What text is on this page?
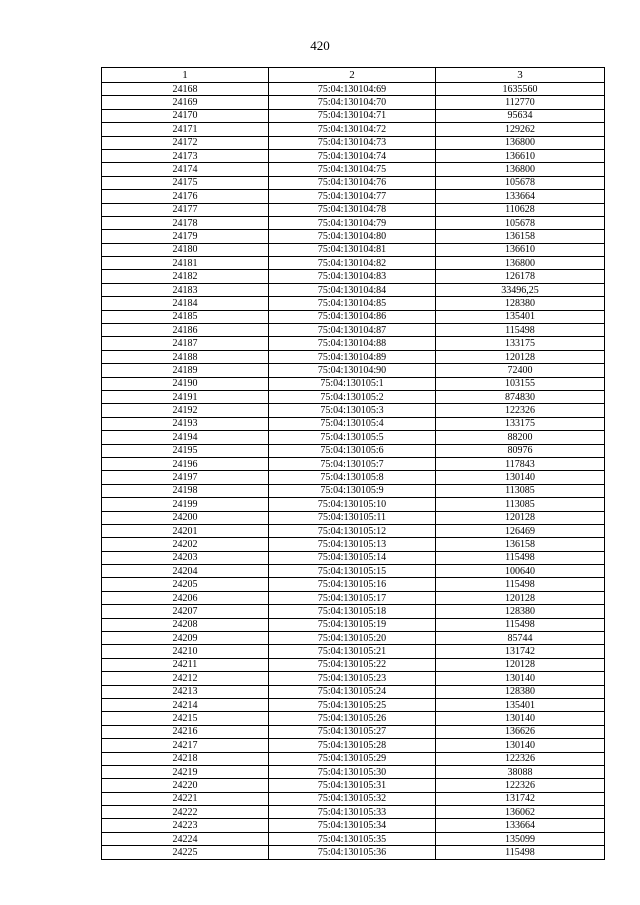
420
1	2	3
24168	75:04:130104:69	1635560
24169	75:04:130104:70	112770
24170	75:04:130104:71	95634
24171	75:04:130104:72	129262
24172	75:04:130104:73	136800
24173	75:04:130104:74	136610
24174	75:04:130104:75	136800
24175	75:04:130104:76	105678
24176	75:04:130104:77	133664
24177	75:04:130104:78	110628
24178	75:04:130104:79	105678
24179	75:04:130104:80	136158
24180	75:04:130104:81	136610
24181	75:04:130104:82	136800
24182	75:04:130104:83	126178
24183	75:04:130104:84	33496,25
24184	75:04:130104:85	128380
24185	75:04:130104:86	135401
24186	75:04:130104:87	115498
24187	75:04:130104:88	133175
24188	75:04:130104:89	120128
24189	75:04:130104:90	72400
24190	75:04:130105:1	103155
24191	75:04:130105:2	874830
24192	75:04:130105:3	122326
24193	75:04:130105:4	133175
24194	75:04:130105:5	88200
24195	75:04:130105:6	80976
24196	75:04:130105:7	117843
24197	75:04:130105:8	130140
24198	75:04:130105:9	113085
24199	75:04:130105:10	113085
24200	75:04:130105:11	120128
24201	75:04:130105:12	126469
24202	75:04:130105:13	136158
24203	75:04:130105:14	115498
24204	75:04:130105:15	100640
24205	75:04:130105:16	115498
24206	75:04:130105:17	120128
24207	75:04:130105:18	128380
24208	75:04:130105:19	115498
24209	75:04:130105:20	85744
24210	75:04:130105:21	131742
24211	75:04:130105:22	120128
24212	75:04:130105:23	130140
24213	75:04:130105:24	128380
24214	75:04:130105:25	135401
24215	75:04:130105:26	130140
24216	75:04:130105:27	136626
24217	75:04:130105:28	130140
24218	75:04:130105:29	122326
24219	75:04:130105:30	38088
24220	75:04:130105:31	122326
24221	75:04:130105:32	131742
24222	75:04:130105:33	136062
24223	75:04:130105:34	133664
24224	75:04:130105:35	135099
24225	75:04:130105:36	115498
